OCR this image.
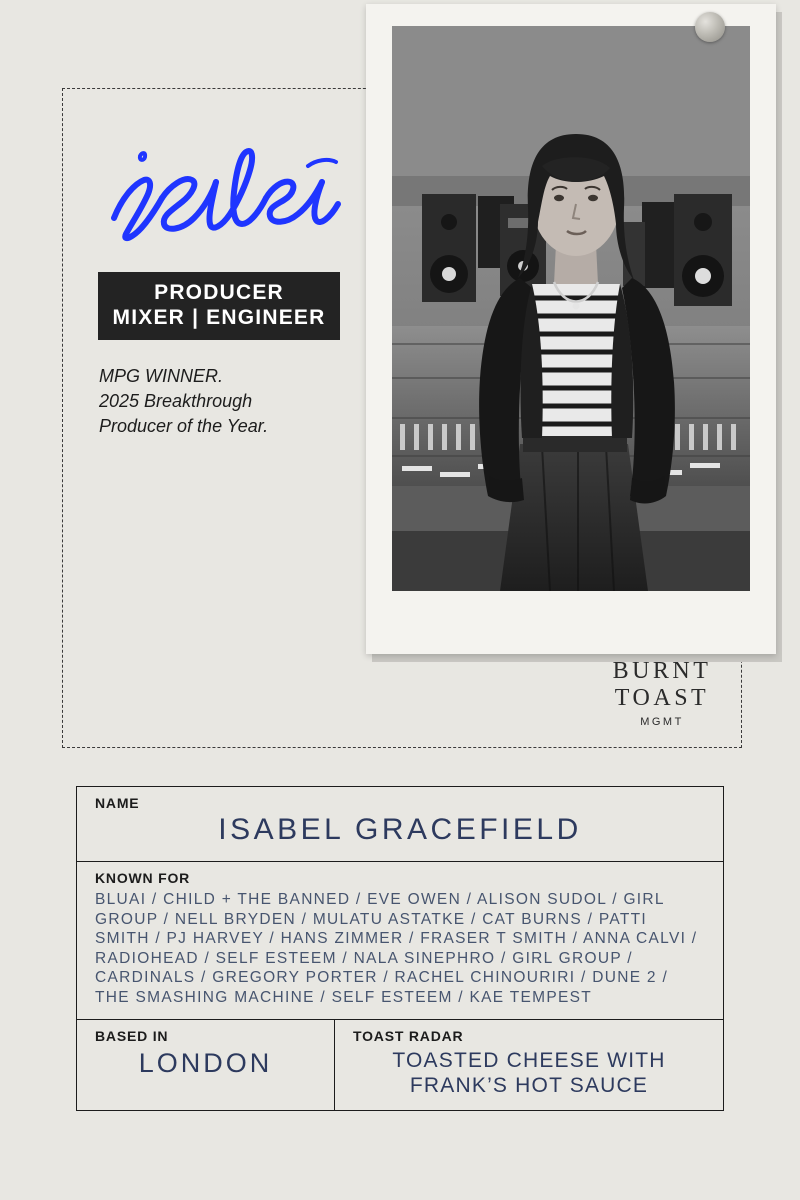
PRODUCER
MIXER | ENGINEER
MPG WINNER.
2025 Breakthrough
Producer of the Year.
BURNT
TOAST
MGMT
NAME
ISABEL GRACEFIELD
KNOWN FOR
BLUAI / CHILD + THE BANNED / EVE OWEN / ALISON SUDOL / GIRL GROUP / NELL BRYDEN / MULATU ASTATKE / CAT BURNS / PATTI SMITH / PJ HARVEY / HANS ZIMMER / FRASER T SMITH / ANNA CALVI / RADIOHEAD / SELF ESTEEM / NALA SINEPHRO / GIRL GROUP / CARDINALS / GREGORY PORTER / RACHEL CHINOURIRI / DUNE 2 / THE SMASHING MACHINE / SELF ESTEEM / KAE TEMPEST
BASED IN
LONDON
TOAST RADAR
TOASTED CHEESE WITH
FRANK’S HOT SAUCE
